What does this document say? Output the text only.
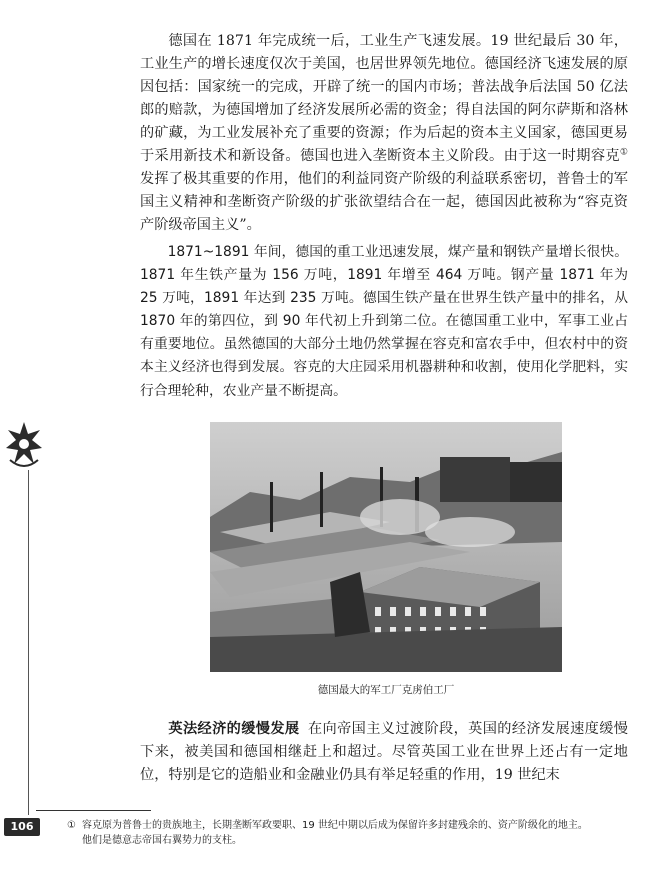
德国在 1871 年完成统一后，工业生产飞速发展。19 世纪最后 30 年，工业生产的增长速度仅次于美国，也居世界领先地位。德国经济飞速发展的原因包括：国家统一的完成，开辟了统一的国内市场；普法战争后法国 50 亿法郎的赔款，为德国增加了经济发展所必需的资金；得自法国的阿尔萨斯和洛林的矿藏，为工业发展补充了重要的资源；作为后起的资本主义国家，德国更易于采用新技术和新设备。德国也进入垄断资本主义阶段。由于这一时期容克①发挥了极其重要的作用，他们的利益同资产阶级的利益联系密切，普鲁士的军国主义精神和垄断资产阶级的扩张欲望结合在一起，德国因此被称为“容克资产阶级帝国主义”。

1871~1891 年间，德国的重工业迅速发展，煤产量和钢铁产量增长很快。1871 年生铁产量为 156 万吨，1891 年增至 464 万吨。钢产量 1871 年为 25 万吨，1891 年达到 235 万吨。德国生铁产量在世界生铁产量中的排名，从 1870 年的第四位，到 90 年代初上升到第二位。在德国重工业中，军事工业占有重要地位。虽然德国的大部分土地仍然掌握在容克和富农手中，但农村中的资本主义经济也得到发展。容克的大庄园采用机器耕种和收割，使用化学肥料，实行合理轮种，农业产量不断提高。

德国最大的军工厂克虏伯工厂

英法经济的缓慢发展 在向帝国主义过渡阶段，英国的经济发展速度缓慢下来，被美国和德国相继赶上和超过。尽管英国工业在世界上还占有一定地位，特别是它的造船业和金融业仍具有举足轻重的作用，19 世纪末

106	① 容克原为普鲁士的贵族地主，长期垄断军政要职、19 世纪中期以后成为保留许多封建残余的、资产阶级化的地主。
他们是德意志帝国右翼势力的支柱。
